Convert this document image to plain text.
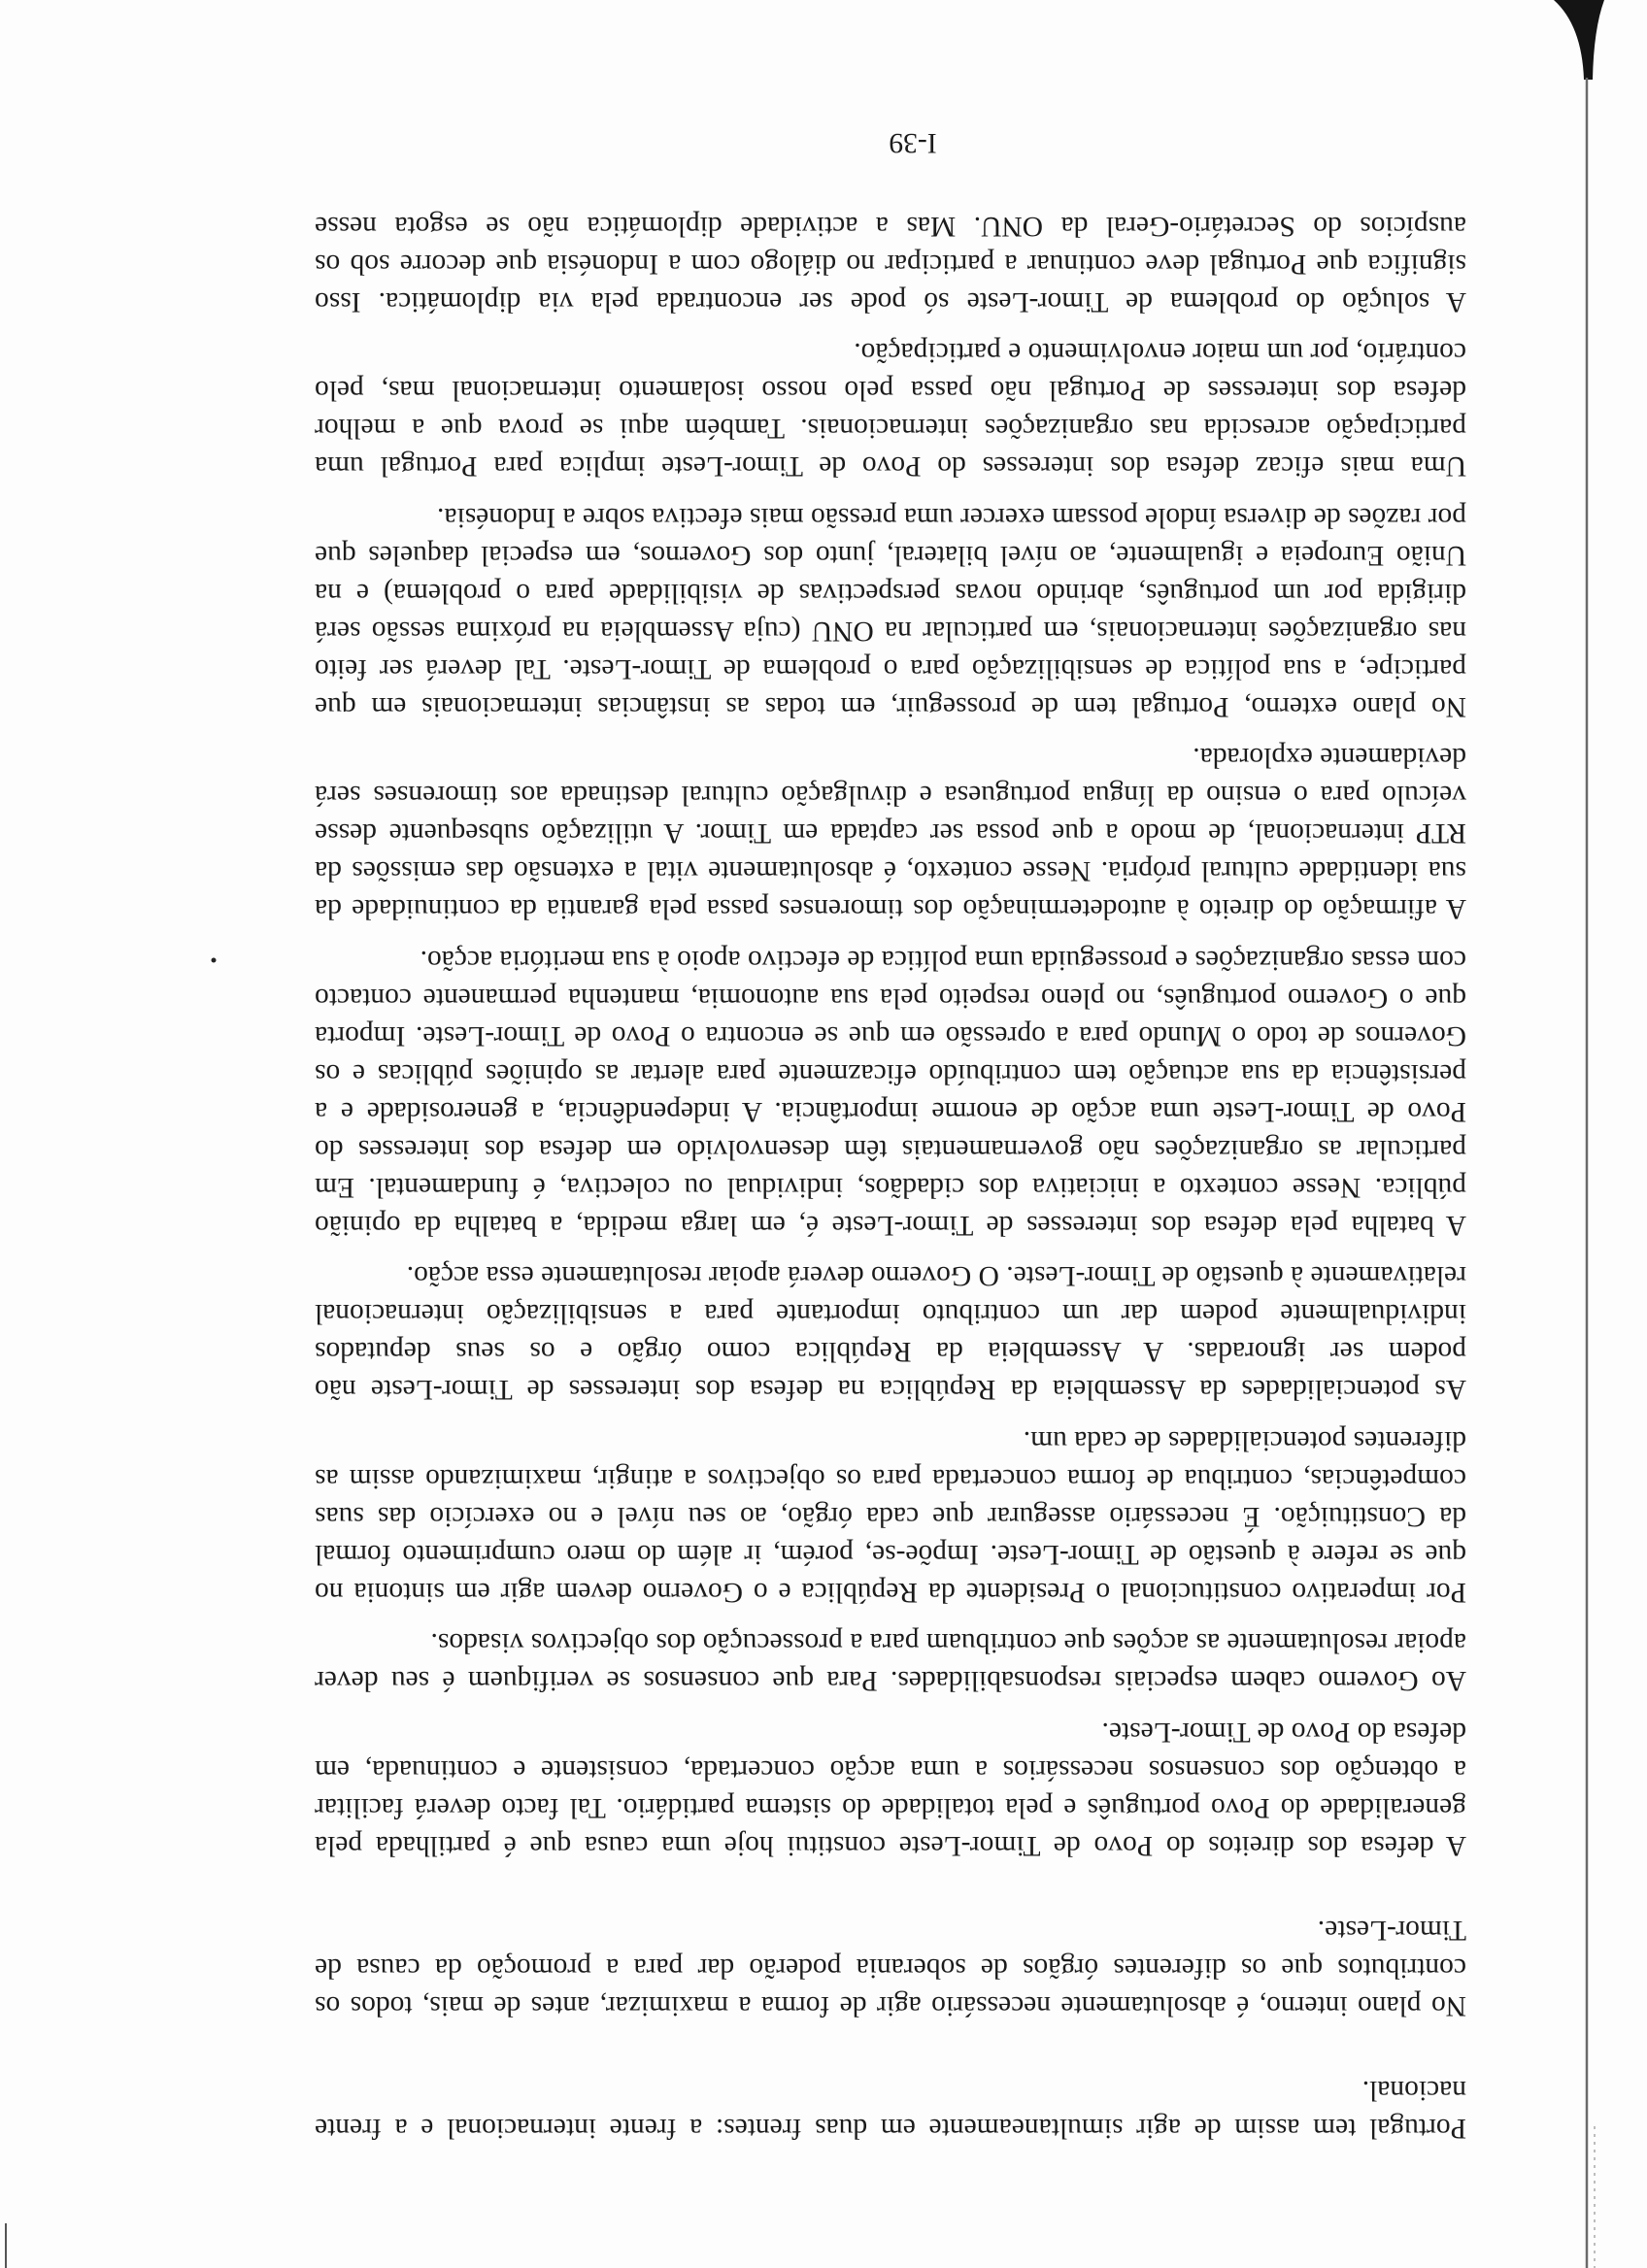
Portugal tem assim de agir simultaneamente em duas frentes: a frente internacional e a frente
nacional.
No plano interno, é absolutamente necessário agir de forma a maximizar, antes de mais, todos os
contributos que os diferentes órgãos de soberania poderão dar para a promoção da causa de
Timor-Leste.
A defesa dos direitos do Povo de Timor-Leste constitui hoje uma causa que é partilhada pela
generalidade do Povo português e pela totalidade do sistema partidário. Tal facto deverá facilitar
a obtenção dos consensos necessários a uma acção concertada, consistente e continuada, em
defesa do Povo de Timor-Leste.
Ao Governo cabem especiais responsabilidades. Para que consensos se verifiquem é seu dever
apoiar resolutamente as acções que contribuam para a prossecução dos objectivos visados.
Por imperativo constitucional o Presidente da República e o Governo devem agir em sintonia no
que se refere à questão de Timor-Leste. Impõe-se, porém, ir além do mero cumprimento formal
da Constituição. É necessário assegurar que cada órgão, ao seu nível e no exercício das suas
competências, contribua de forma concertada para os objectivos a atingir, maximizando assim as
diferentes potencialidades de cada um.
As potencialidades da Assembleia da República na defesa dos interesses de Timor-Leste não
podem ser ignoradas. A Assembleia da República como órgão e os seus deputados
individualmente podem dar um contributo importante para a sensibilização internacional
relativamente à questão de Timor-Leste. O Governo deverá apoiar resolutamente essa acção.
A batalha pela defesa dos interesses de Timor-Leste é, em larga medida, a batalha da opinião
pública. Nesse contexto a iniciativa dos cidadãos, individual ou colectiva, é fundamental. Em
particular as organizações não governamentais têm desenvolvido em defesa dos interesses do
Povo de Timor-Leste uma acção de enorme importância. A independência, a generosidade e a
persistência da sua actuação tem contribuído eficazmente para alertar as opiniões públicas e os
Governos de todo o Mundo para a opressão em que se encontra o Povo de Timor-Leste. Importa
que o Governo português, no pleno respeito pela sua autonomia, mantenha permanente contacto
com essas organizações e prosseguida uma política de efectivo apoio à sua meritória acção.
A afirmação do direito à autodeterminação dos timorenses passa pela garantia da continuidade da
sua identidade cultural própria. Nesse contexto, é absolutamente vital a extensão das emissões da
RTP internacional, de modo a que possa ser captada em Timor. A utilização subsequente desse
veículo para o ensino da língua portuguesa e divulgação cultural destinada aos timorenses será
devidamente explorada.
No plano externo, Portugal tem de prosseguir, em todas as instâncias internacionais em que
participe, a sua política de sensibilização para o problema de Timor-Leste. Tal deverá ser feito
nas organizações internacionais, em particular na ONU (cuja Assembleia na próxima sessão será
dirigida por um português, abrindo novas perspectivas de visibilidade para o problema) e na
União Europeia e igualmente, ao nível bilateral, junto dos Governos, em especial daqueles que
por razões de diversa índole possam exercer uma pressão mais efectiva sobre a Indonésia.
Uma mais eficaz defesa dos interesses do Povo de Timor-Leste implica para Portugal uma
participação acrescida nas organizações internacionais. Também aqui se prova que a melhor
defesa dos interesses de Portugal não passa pelo nosso isolamento internacional mas, pelo
contrário, por um maior envolvimento e participação.
A solução do problema de Timor-Leste só pode ser encontrada pela via diplomática. Isso
significa que Portugal deve continuar a participar no diálogo com a Indonésia que decorre sob os
auspícios do Secretário-Geral da ONU. Mas a actividade diplomática não se esgota nesse
I-39
